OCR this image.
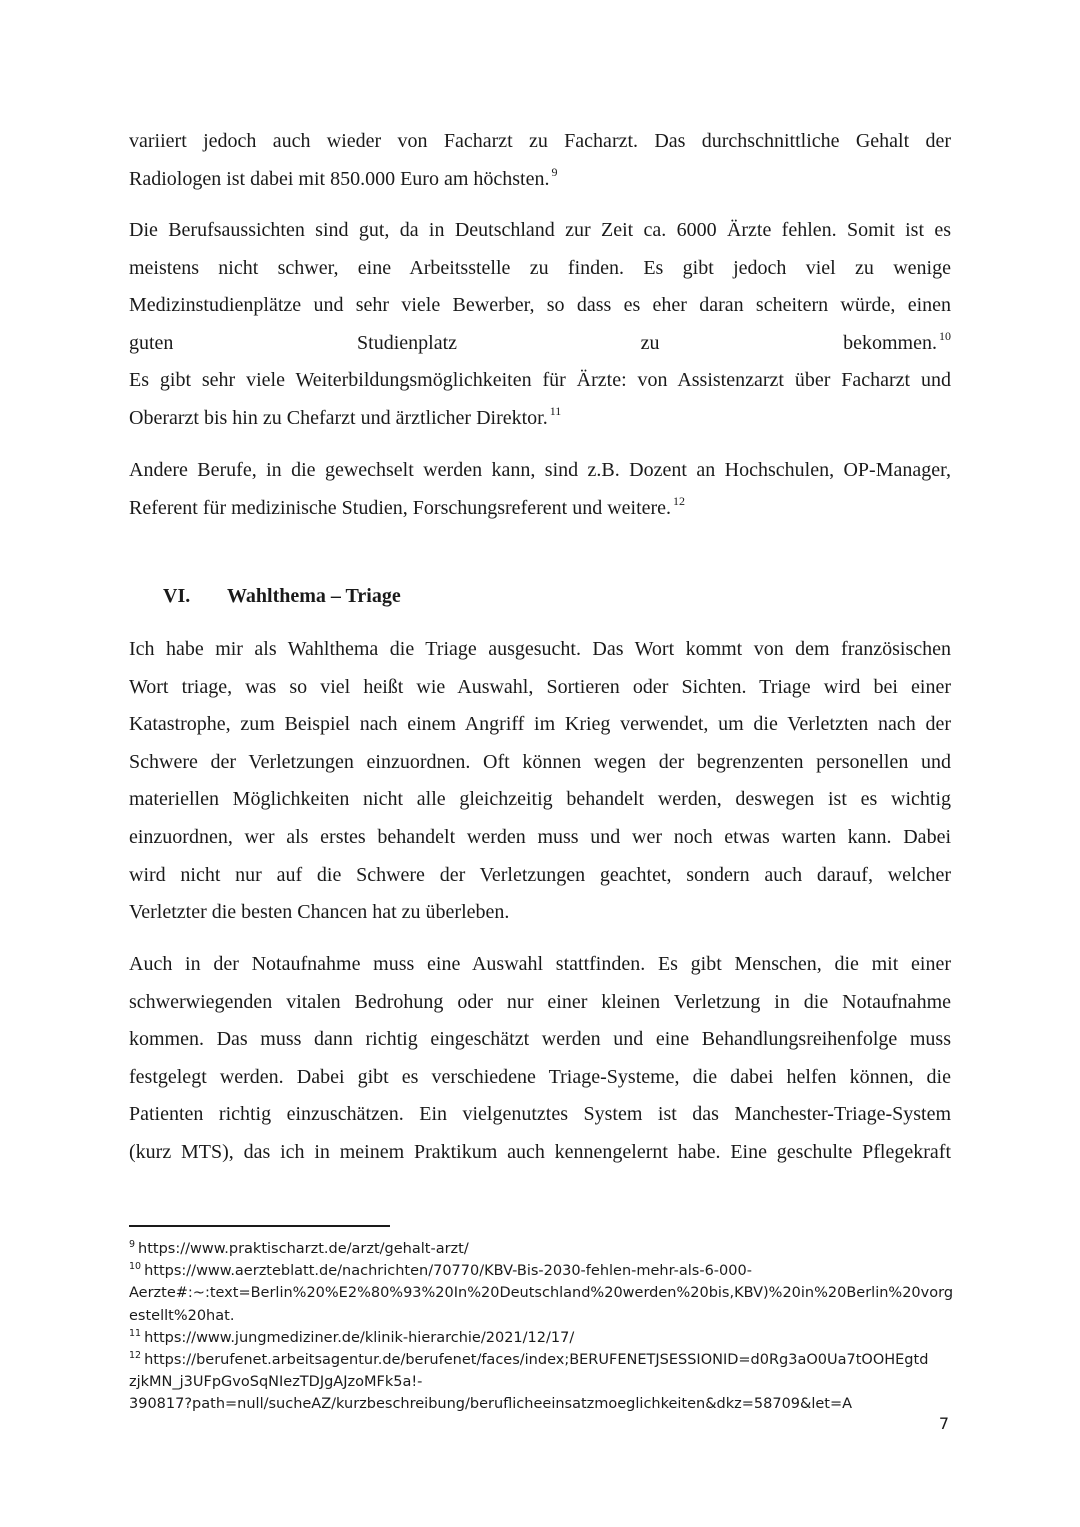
variiert jedoch auch wieder von Facharzt zu Facharzt. Das durchschnittliche Gehalt der
Radiologen ist dabei mit 850.000 Euro am höchsten. $^9$
Die Berufsaussichten sind gut, da in Deutschland zur Zeit ca. 6000 Ärzte fehlen. Somit ist es
meistens nicht schwer, eine Arbeitsstelle zu finden. Es gibt jedoch viel zu wenige
Medizinstudienplätze und sehr viele Bewerber, so dass es eher daran scheitern würde, einen
guten Studienplatz zu bekommen. $^{10}$
Es gibt sehr viele Weiterbildungsmöglichkeiten für Ärzte: von Assistenzarzt über Facharzt und
Oberarzt bis hin zu Chefarzt und ärztlicher Direktor. $^{11}$
Andere Berufe, in die gewechselt werden kann, sind z.B. Dozent an Hochschulen, OP-Manager,
Referent für medizinische Studien, Forschungsreferent und weitere. $^{12}$
VI. Wahlthema – Triage
Ich habe mir als Wahlthema die Triage ausgesucht. Das Wort kommt von dem französischen
Wort triage, was so viel heißt wie Auswahl, Sortieren oder Sichten. Triage wird bei einer
Katastrophe, zum Beispiel nach einem Angriff im Krieg verwendet, um die Verletzten nach der
Schwere der Verletzungen einzuordnen. Oft können wegen der begrenzenten personellen und
materiellen Möglichkeiten nicht alle gleichzeitig behandelt werden, deswegen ist es wichtig
einzuordnen, wer als erstes behandelt werden muss und wer noch etwas warten kann. Dabei
wird nicht nur auf die Schwere der Verletzungen geachtet, sondern auch darauf, welcher
Verletzter die besten Chancen hat zu überleben.
Auch in der Notaufnahme muss eine Auswahl stattfinden. Es gibt Menschen, die mit einer
schwerwiegenden vitalen Bedrohung oder nur einer kleinen Verletzung in die Notaufnahme
kommen. Das muss dann richtig eingeschätzt werden und eine Behandlungsreihenfolge muss
festgelegt werden. Dabei gibt es verschiedene Triage-Systeme, die dabei helfen können, die
Patienten richtig einzuschätzen. Ein vielgenutztes System ist das Manchester-Triage-System
(kurz MTS), das ich in meinem Praktikum auch kennengelernt habe. Eine geschulte Pflegekraft
$^9$ https://www.praktischarzt.de/arzt/gehalt-arzt/
$^{10}$ https://www.aerzteblatt.de/nachrichten/70770/KBV-Bis-2030-fehlen-mehr-als-6-000-
Aerzte#:~:text=Berlin%20%E2%80%93%20In%20Deutschland%20werden%20bis,KBV)%20in%20Berlin%20vorg
estellt%20hat.
$^{11}$ https://www.jungmediziner.de/klinik-hierarchie/2021/12/17/
$^{12}$ https://berufenet.arbeitsagentur.de/berufenet/faces/index;BERUFENETJSESSIONID=d0Rg3aO0Ua7tOOHEgtd
zjkMN_j3UFpGvoSqNIezTDJgAJzoMFk5a!-
390817?path=null/sucheAZ/kurzbeschreibung/beruflicheeinsatzmoeglichkeiten&dkz=58709&let=A
7
